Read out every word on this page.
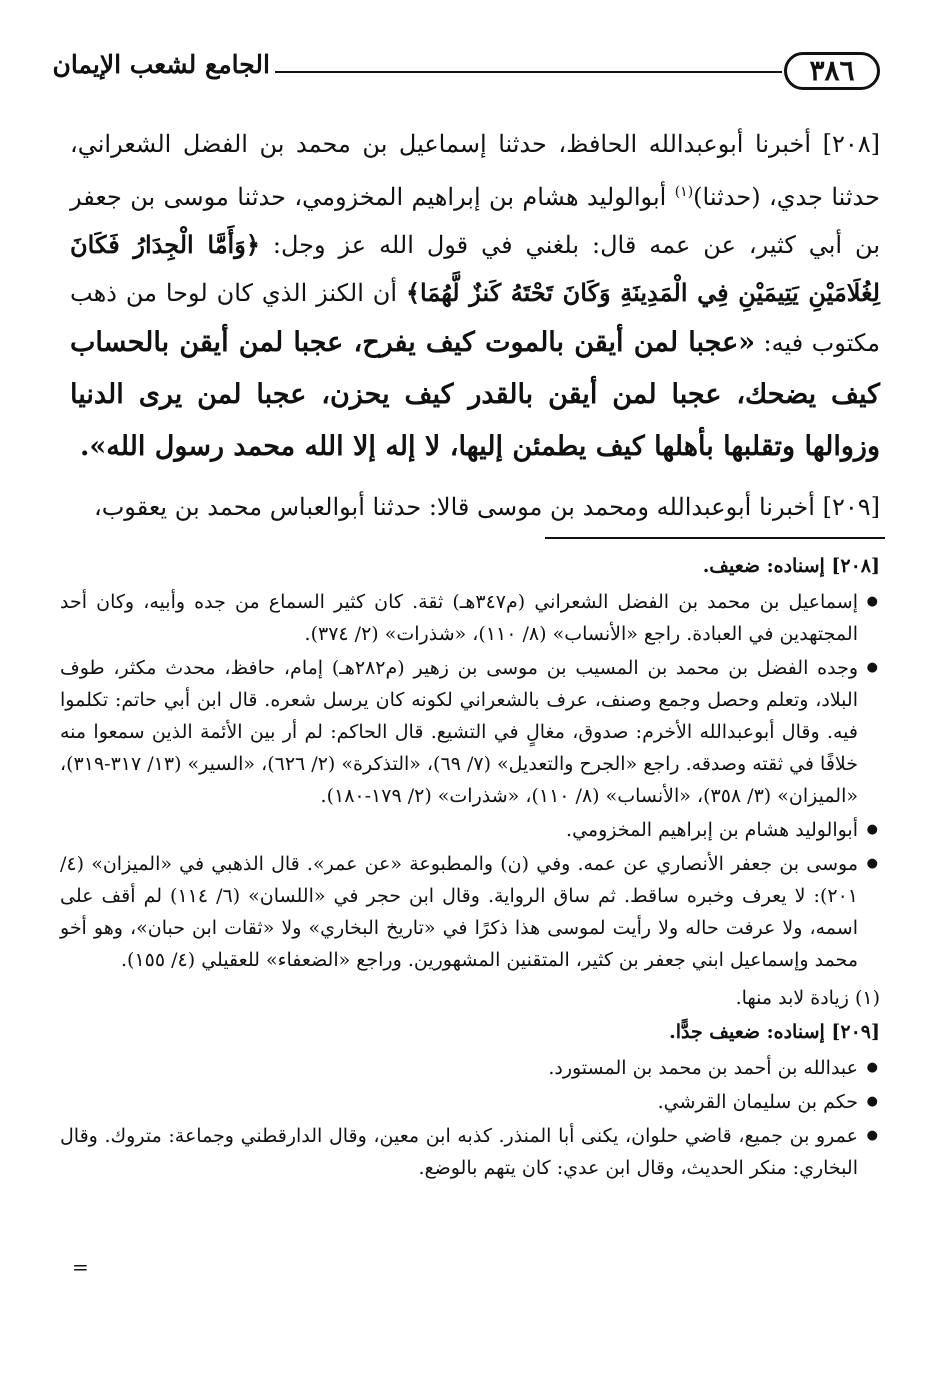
الجامع لشعب الإيمان	٣٨٦

[٢٠٨] أخبرنا أبوعبدالله الحافظ، حدثنا إسماعيل بن محمد بن الفضل الشعراني، حدثنا جدي، (حدثنا)$^{(١)}$ أبوالوليد هشام بن إبراهيم المخزومي، حدثنا موسى بن جعفر بن أبي كثير، عن عمه قال: بلغني في قول الله عز وجل: ﴿وَأَمَّا الْجِدَارُ فَكَانَ لِغُلَامَيْنِ يَتِيمَيْنِ فِي الْمَدِينَةِ وَكَانَ تَحْتَهُ كَنزٌ لَّهُمَا﴾ أن الكنز الذي كان لوحا من ذهب مكتوب فيه: «عجبا لمن أيقن بالموت كيف يفرح، عجبا لمن أيقن بالحساب كيف يضحك، عجبا لمن أيقن بالقدر كيف يحزن، عجبا لمن يرى الدنيا وزوالها وتقلبها بأهلها كيف يطمئن إليها، لا إله إلا الله محمد رسول الله».

[٢٠٩] أخبرنا أبوعبدالله ومحمد بن موسى قالا: حدثنا أبوالعباس محمد بن يعقوب،

[٢٠٨] إسناده: ضعيف.
● إسماعيل بن محمد بن الفضل الشعراني (م٣٤٧هـ) ثقة. كان كثير السماع من جده وأبيه، وكان أحد المجتهدين في العبادة. راجع «الأنساب» (٨/ ١١٠)، «شذرات» (٢/ ٣٧٤).
● وجده الفضل بن محمد بن المسيب بن موسى بن زهير (م٢٨٢هـ) إمام، حافظ، محدث مكثر، طوف البلاد، وتعلم وحصل وجمع وصنف، عرف بالشعراني لكونه كان يرسل شعره. قال ابن أبي حاتم: تكلموا فيه. وقال أبوعبدالله الأخرم: صدوق، مغالٍ في التشيع. قال الحاكم: لم أر بين الأئمة الذين سمعوا منه خلافًا في ثقته وصدقه. راجع «الجرح والتعديل» (٧/ ٦٩)، «التذكرة» (٢/ ٦٢٦)، «السير» (١٣/ ٣١٧-٣١٩)، «الميزان» (٣/ ٣٥٨)، «الأنساب» (٨/ ١١٠)، «شذرات» (٢/ ١٧٩-١٨٠).
● أبوالوليد هشام بن إبراهيم المخزومي.
● موسى بن جعفر الأنصاري عن عمه. وفي (ن) والمطبوعة «عن عمر». قال الذهبي في «الميزان» (٤/ ٢٠١): لا يعرف وخبره ساقط. ثم ساق الرواية. وقال ابن حجر في «اللسان» (٦/ ١١٤) لم أقف على اسمه، ولا عرفت حاله ولا رأيت لموسى هذا ذكرًا في «تاريخ البخاري» ولا «ثقات ابن حبان»، وهو أخو محمد وإسماعيل ابني جعفر بن كثير، المتقنين المشهورين. وراجع «الضعفاء» للعقيلي (٤/ ١٥٥).
(١) زيادة لابد منها.
[٢٠٩] إسناده: ضعيف جدًّا.
● عبدالله بن أحمد بن محمد بن المستورد.
● حكم بن سليمان القرشي.
● عمرو بن جميع، قاضي حلوان، يكنى أبا المنذر. كذبه ابن معين، وقال الدارقطني وجماعة: متروك. وقال البخاري: منكر الحديث، وقال ابن عدي: كان يتهم بالوضع.
=
